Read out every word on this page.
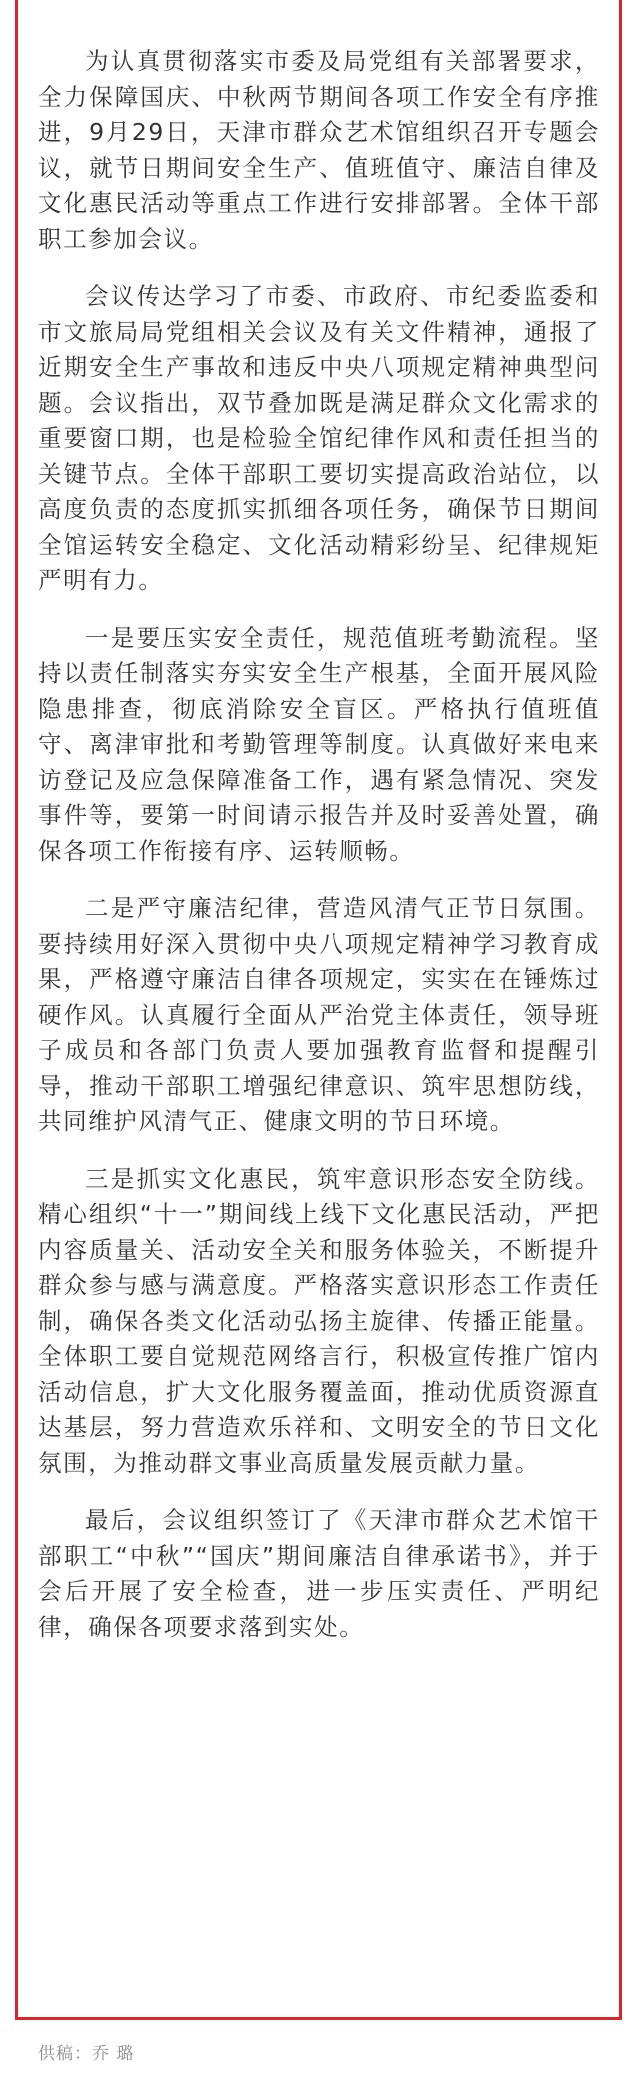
为认真贯彻落实市委及局党组有关部署要求，全力保障国庆、中秋两节期间各项工作安全有序推进，9月29日，天津市群众艺术馆组织召开专题会议，就节日期间安全生产、值班值守、廉洁自律及文化惠民活动等重点工作进行安排部署。全体干部职工参加会议。

会议传达学习了市委、市政府、市纪委监委和市文旅局局党组相关会议及有关文件精神，通报了近期安全生产事故和违反中央八项规定精神典型问题。会议指出，双节叠加既是满足群众文化需求的重要窗口期，也是检验全馆纪律作风和责任担当的关键节点。全体干部职工要切实提高政治站位，以高度负责的态度抓实抓细各项任务，确保节日期间全馆运转安全稳定、文化活动精彩纷呈、纪律规矩严明有力。

一是要压实安全责任，规范值班考勤流程。坚持以责任制落实夯实安全生产根基，全面开展风险隐患排查，彻底消除安全盲区。严格执行值班值守、离津审批和考勤管理等制度。认真做好来电来访登记及应急保障准备工作，遇有紧急情况、突发事件等，要第一时间请示报告并及时妥善处置，确保各项工作衔接有序、运转顺畅。

二是严守廉洁纪律，营造风清气正节日氛围。要持续用好深入贯彻中央八项规定精神学习教育成果，严格遵守廉洁自律各项规定，实实在在锤炼过硬作风。认真履行全面从严治党主体责任，领导班子成员和各部门负责人要加强教育监督和提醒引导，推动干部职工增强纪律意识、筑牢思想防线，共同维护风清气正、健康文明的节日环境。

三是抓实文化惠民，筑牢意识形态安全防线。精心组织“十一”期间线上线下文化惠民活动，严把内容质量关、活动安全关和服务体验关，不断提升群众参与感与满意度。严格落实意识形态工作责任制，确保各类文化活动弘扬主旋律、传播正能量。全体职工要自觉规范网络言行，积极宣传推广馆内活动信息，扩大文化服务覆盖面，推动优质资源直达基层，努力营造欢乐祥和、文明安全的节日文化氛围，为推动群文事业高质量发展贡献力量。

最后，会议组织签订了《天津市群众艺术馆干部职工“中秋”“国庆”期间廉洁自律承诺书》，并于会后开展了安全检查，进一步压实责任、严明纪律，确保各项要求落到实处。

供稿：乔 璐
